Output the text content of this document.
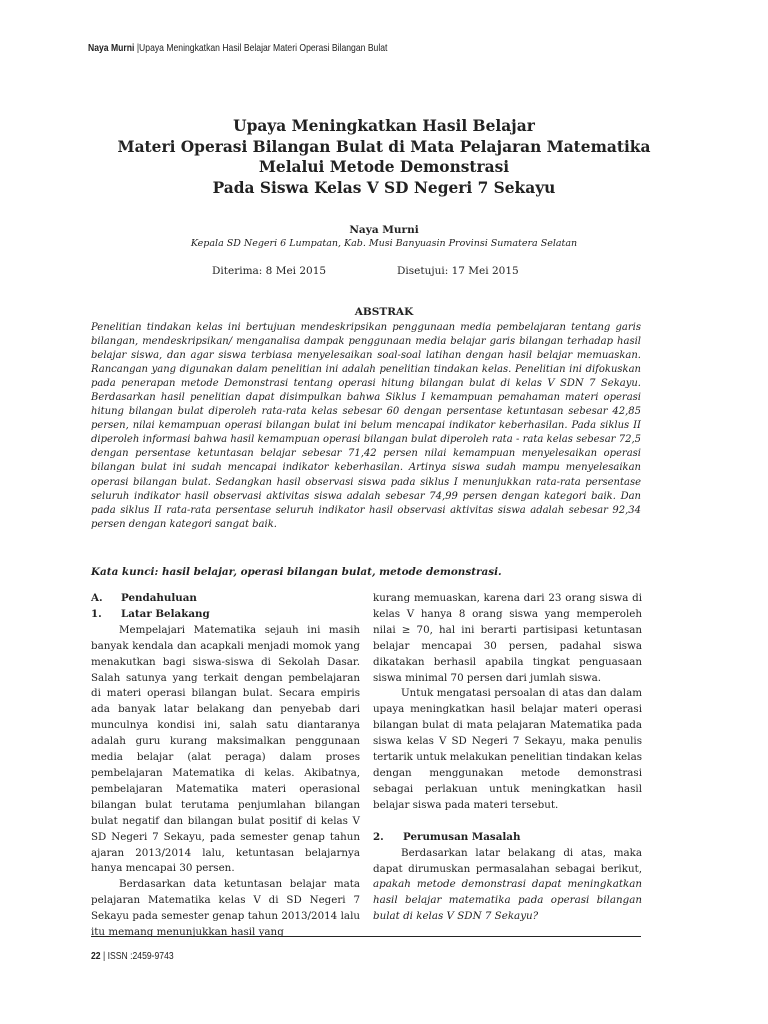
Naya Murni |Upaya Meningkatkan Hasil Belajar Materi Operasi Bilangan Bulat
Upaya Meningkatkan Hasil Belajar
Materi Operasi Bilangan Bulat di Mata Pelajaran Matematika
Melalui Metode Demonstrasi
Pada Siswa Kelas V SD Negeri 7 Sekayu
Naya Murni
Kepala SD Negeri 6 Lumpatan, Kab. Musi Banyuasin Provinsi Sumatera Selatan
Diterima: 8 Mei 2015	Disetujui: 17 Mei 2015
ABSTRAK
Penelitian tindakan kelas ini bertujuan mendeskripsikan penggunaan media pembelajaran tentang garis bilangan, mendeskripsikan/ menganalisa dampak penggunaan media belajar garis bilangan terhadap hasil belajar siswa, dan agar siswa terbiasa menyelesaikan soal-soal latihan dengan hasil belajar memuaskan. Rancangan yang digunakan dalam penelitian ini adalah penelitian tindakan kelas. Penelitian ini difokuskan pada penerapan metode Demonstrasi tentang operasi hitung bilangan bulat di kelas V SDN 7 Sekayu. Berdasarkan hasil penelitian dapat disimpulkan bahwa Siklus I kemampuan pemahaman materi operasi hitung bilangan bulat diperoleh rata-rata kelas sebesar 60 dengan persentase ketuntasan sebesar 42,85 persen, nilai kemampuan operasi bilangan bulat ini belum mencapai indikator keberhasilan. Pada siklus II diperoleh informasi bahwa hasil kemampuan operasi bilangan bulat diperoleh rata - rata kelas sebesar 72,5 dengan persentase ketuntasan belajar sebesar 71,42 persen nilai kemampuan menyelesaikan operasi bilangan bulat ini sudah mencapai indikator keberhasilan. Artinya siswa sudah mampu menyelesaikan operasi bilangan bulat. Sedangkan hasil observasi siswa pada siklus I menunjukkan rata-rata persentase seluruh indikator hasil observasi aktivitas siswa adalah sebesar 74,99 persen dengan kategori baik. Dan pada siklus II rata-rata persentase seluruh indikator hasil observasi aktivitas siswa adalah sebesar 92,34 persen dengan kategori sangat baik.
Kata kunci: hasil belajar, operasi bilangan bulat, metode demonstrasi.

A. Pendahuluan

1. Latar Belakang

Mempelajari Matematika sejauh ini masih banyak kendala dan acapkali menjadi momok yang menakutkan bagi siswa-siswa di Sekolah Dasar. Salah satunya yang terkait dengan pembelajaran di materi operasi bilangan bulat. Secara empiris ada banyak latar belakang dan penyebab dari munculnya kondisi ini, salah satu diantaranya adalah guru kurang maksimalkan penggunaan media belajar (alat peraga) dalam proses pembelajaran Matematika di kelas. Akibatnya, pembelajaran Matematika materi operasional bilangan bulat terutama penjumlahan bilangan bulat negatif dan bilangan bulat positif di kelas V SD Negeri 7 Sekayu, pada semester genap tahun ajaran 2013/2014 lalu, ketuntasan belajarnya hanya mencapai 30 persen.

Berdasarkan data ketuntasan belajar mata pelajaran Matematika kelas V di SD Negeri 7 Sekayu pada semester genap tahun 2013/2014 lalu itu memang menunjukkan hasil yang

kurang memuaskan, karena dari 23 orang siswa di kelas V hanya 8 orang siswa yang memperoleh nilai ≥ 70, hal ini berarti partisipasi ketuntasan belajar mencapai 30 persen, padahal siswa dikatakan berhasil apabila tingkat penguasaan siswa minimal 70 persen dari jumlah siswa.

Untuk mengatasi persoalan di atas dan dalam upaya meningkatkan hasil belajar materi operasi bilangan bulat di mata pelajaran Matematika pada siswa kelas V SD Negeri 7 Sekayu, maka penulis tertarik untuk melakukan penelitian tindakan kelas dengan menggunakan metode demonstrasi sebagai perlakuan untuk meningkatkan hasil belajar siswa pada materi tersebut.

2. Perumusan Masalah

Berdasarkan latar belakang di atas, maka dapat dirumuskan permasalahan sebagai berikut, apakah metode demonstrasi dapat meningkatkan hasil belajar matematika pada operasi bilangan bulat di kelas V SDN 7 Sekayu?

22 | ISSN :2459-9743
